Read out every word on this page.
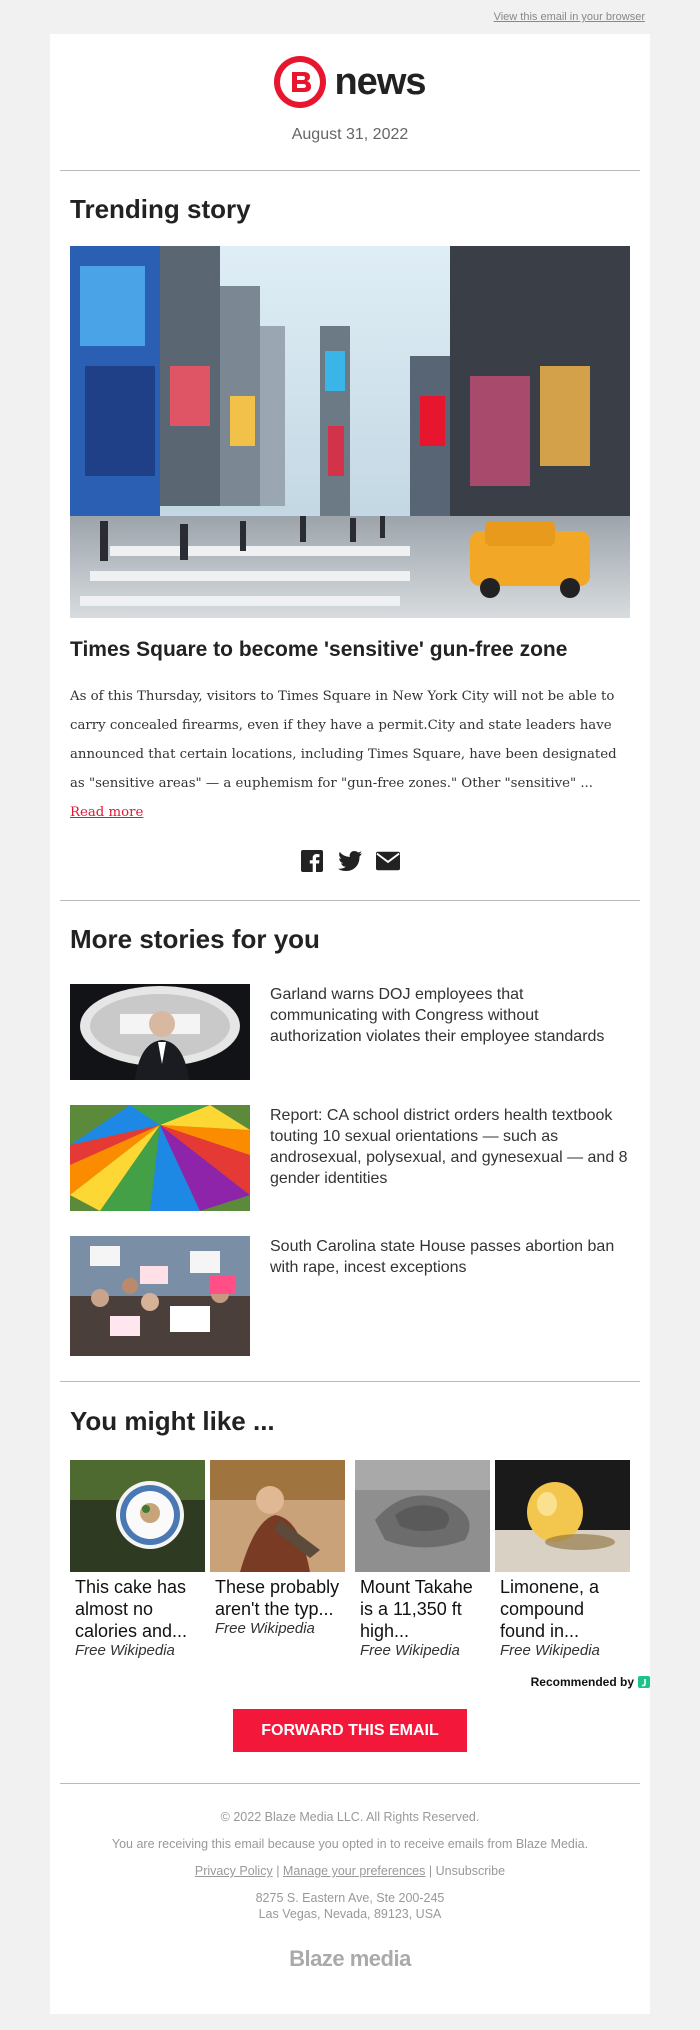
View this email in your browser
news
August 31, 2022
Trending story
Times Square to become 'sensitive' gun-free zone
As of this Thursday, visitors to Times Square in New York City will not be able to carry concealed firearms, even if they have a permit.City and state leaders have announced that certain locations, including Times Square, have been designated as "sensitive areas" — a euphemism for "gun-free zones." Other "sensitive" ... Read more
More stories for you
Garland warns DOJ employees that communicating with Congress without authorization violates their employee standards
Report: CA school district orders health textbook touting 10 sexual orientations — such as androsexual, polysexual, and gynesexual — and 8 gender identities
South Carolina state House passes abortion ban with rape, incest exceptions
You might like ...
This cake has almost no calories and...
Free Wikipedia
These probably aren't the typ...
Free Wikipedia
Mount Takahe is a 11,350 ft high...
Free Wikipedia
Limonene, a compound found in...
Free Wikipedia
Recommended by
FORWARD THIS EMAIL
© 2022 Blaze Media LLC. All Rights Reserved.
You are receiving this email because you opted in to receive emails from Blaze Media.
Privacy Policy | Manage your preferences | Unsubscribe
8275 S. Eastern Ave, Ste 200-245
Las Vegas, Nevada, 89123, USA
Blaze media
